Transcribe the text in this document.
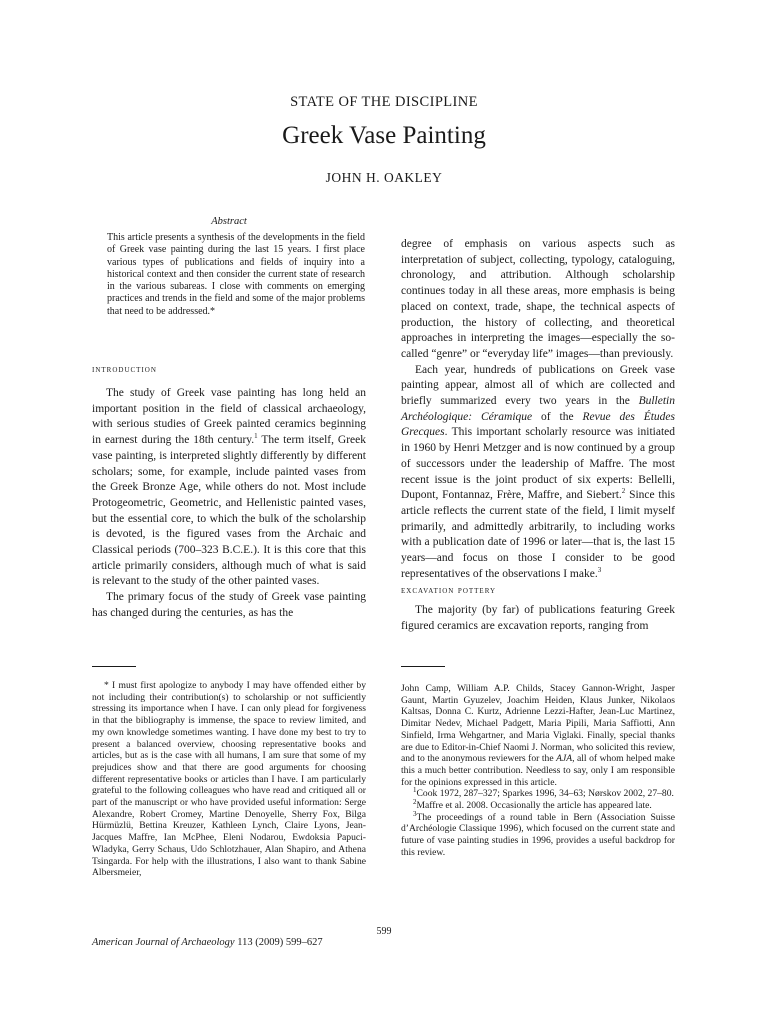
STATE OF THE DISCIPLINE
Greek Vase Painting
JOHN H. OAKLEY
Abstract
This article presents a synthesis of the developments in the field of Greek vase painting during the last 15 years. I first place various types of publications and fields of inquiry into a historical context and then consider the current state of research in the various subareas. I close with comments on emerging practices and trends in the field and some of the major problems that need to be addressed.*
introduction

The study of Greek vase painting has long held an important position in the field of classical archaeology, with serious studies of Greek painted ceramics beginning in earnest during the 18th century.$^1$ The term itself, Greek vase painting, is interpreted slightly differently by different scholars; some, for example, include painted vases from the Greek Bronze Age, while others do not. Most include Protogeometric, Geometric, and Hellenistic painted vases, but the essential core, to which the bulk of the scholarship is devoted, is the figured vases from the Archaic and Classical periods (700–323 B.C.E.). It is this core that this article primarily considers, although much of what is said is relevant to the study of the other painted vases.

The primary focus of the study of Greek vase painting has changed during the centuries, as has the

degree of emphasis on various aspects such as interpretation of subject, collecting, typology, cataloguing, chronology, and attribution. Although scholarship continues today in all these areas, more emphasis is being placed on context, trade, shape, the technical aspects of production, the history of collecting, and theoretical approaches in interpreting the images—especially the so-called “genre” or “everyday life” images—than previously.

Each year, hundreds of publications on Greek vase painting appear, almost all of which are collected and briefly summarized every two years in the Bulletin Archéologique: Céramique of the Revue des Études Grecques. This important scholarly resource was initiated in 1960 by Henri Metzger and is now continued by a group of successors under the leadership of Maffre. The most recent issue is the joint product of six experts: Bellelli, Dupont, Fontannaz, Frère, Maffre, and Siebert.$^2$ Since this article reflects the current state of the field, I limit myself primarily, and admittedly arbitrarily, to including works with a publication date of 1996 or later—that is, the last 15 years—and focus on those I consider to be good representatives of the observations I make.$^3$

excavation pottery

The majority (by far) of publications featuring Greek figured ceramics are excavation reports, ranging from

* I must first apologize to anybody I may have offended either by not including their contribution(s) to scholarship or not sufficiently stressing its importance when I have. I can only plead for forgiveness in that the bibliography is immense, the space to review limited, and my own knowledge sometimes wanting. I have done my best to try to present a balanced overview, choosing representative books and articles, but as is the case with all humans, I am sure that some of my prejudices show and that there are good arguments for choosing different representative books or articles than I have. I am particularly grateful to the following colleagues who have read and critiqued all or part of the manuscript or who have provided useful information: Serge Alexandre, Robert Cromey, Martine Denoyelle, Sherry Fox, Bilga Hürmüzlü, Bettina Kreuzer, Kathleen Lynch, Claire Lyons, Jean-Jacques Maffre, Ian McPhee, Eleni Nodarou, Ewdoksia Papuci-Wladyka, Gerry Schaus, Udo Schlotzhauer, Alan Shapiro, and Athena Tsingarda. For help with the illustrations, I also want to thank Sabine Albersmeier,

John Camp, William A.P. Childs, Stacey Gannon-Wright, Jasper Gaunt, Martin Gyuzelev, Joachim Heiden, Klaus Junker, Nikolaos Kaltsas, Donna C. Kurtz, Adrienne Lezzi-Hafter, Jean-Luc Martinez, Dimitar Nedev, Michael Padgett, Maria Pipili, Maria Saffiotti, Ann Sinfield, Irma Wehgartner, and Maria Viglaki. Finally, special thanks are due to Editor-in-Chief Naomi J. Norman, who solicited this review, and to the anonymous reviewers for the AJA, all of whom helped make this a much better contribution. Needless to say, only I am responsible for the opinions expressed in this article.

$^1$Cook 1972, 287–327; Sparkes 1996, 34–63; Nørskov 2002, 27–80.

$^2$Maffre et al. 2008. Occasionally the article has appeared late.

$^3$The proceedings of a round table in Bern (Association Suisse d’Archéologie Classique 1996), which focused on the current state and future of vase painting studies in 1996, provides a useful backdrop for this review.

599
American Journal of Archaeology 113 (2009) 599–627
